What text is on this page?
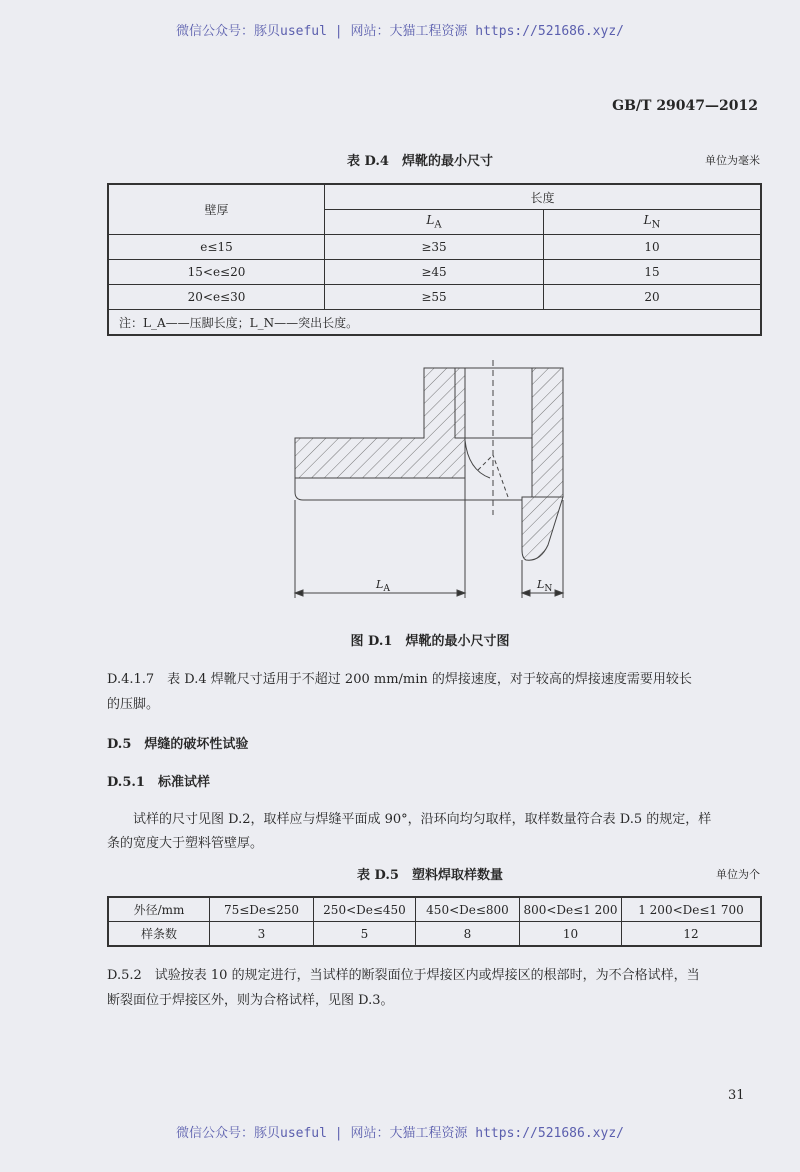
微信公众号：豚贝useful | 网站：大猫工程资源 https://521686.xyz/
GB/T 29047—2012
表 D.4　焊靴的最小尺寸	单位为毫米
壁厚	长度	
	$L_A$	$L_N$
e≤15	≥35	10
15<e≤20	≥45	15
20<e≤30	≥55	20
注：L_A——压脚长度；L_N——突出长度。		
$L_A$	$L_N$
图 D.1　焊靴的最小尺寸图
D.4.1.7　表 D.4 焊靴尺寸适用于不超过 200 mm/min 的焊接速度，对于较高的焊接速度需要用较长
的压脚。
D.5　焊缝的破坏性试验
D.5.1　标准试样
试样的尺寸见图 D.2，取样应与焊缝平面成 90°，沿环向均匀取样，取样数量符合表 D.5 的规定，样
条的宽度大于塑料管壁厚。
表 D.5　塑料焊取样数量	单位为个
外径/mm	75≤De≤250	250<De≤450	450<De≤800	800<De≤1 200	1 200<De≤1 700
样条数	3	5	8	10	12
D.5.2　试验按表 10 的规定进行，当试样的断裂面位于焊接区内或焊接区的根部时，为不合格试样，当
断裂面位于焊接区外，则为合格试样，见图 D.3。
31
微信公众号：豚贝useful | 网站：大猫工程资源 https://521686.xyz/
